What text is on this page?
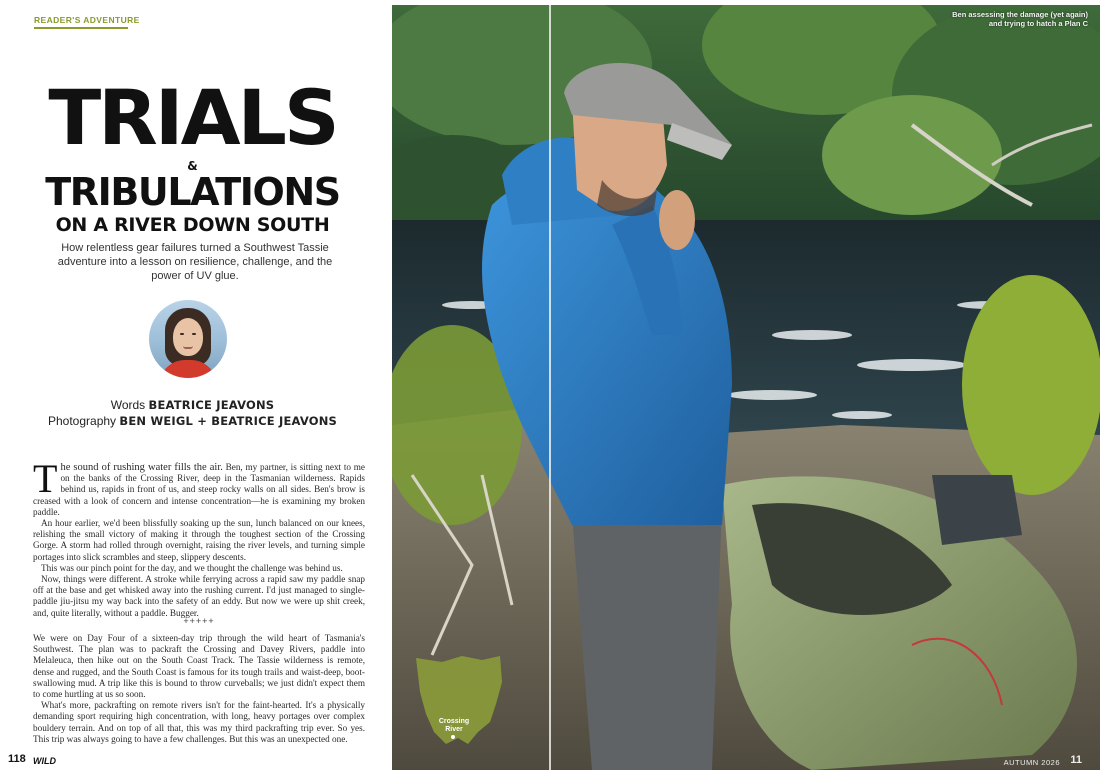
READER'S ADVENTURE
TRIALS
&
TRIBULATIONS
ON A RIVER DOWN SOUTH
How relentless gear failures turned a Southwest Tassie adventure into a lesson on resilience, challenge, and the power of UV glue.
Words BEATRICE JEAVONS
Photography BEN WEIGL + BEATRICE JEAVONS

The sound of rushing water fills the air. Ben, my partner, is sitting next to me on the banks of the Crossing River, deep in the Tasmanian wilderness. Rapids behind us, rapids in front of us, and steep rocky walls on all sides. Ben's brow is creased with a look of concern and intense concentration—he is examining my broken paddle.

An hour earlier, we'd been blissfully soaking up the sun, lunch balanced on our knees, relishing the small victory of making it through the toughest section of the Crossing Gorge. A storm had rolled through overnight, raising the river levels, and turning simple portages into slick scrambles and steep, slippery descents.

This was our pinch point for the day, and we thought the challenge was behind us.

Now, things were different. A stroke while ferrying across a rapid saw my paddle snap off at the base and get whisked away into the rushing current. I'd just managed to single-paddle jiu-jitsu my way back into the safety of an eddy. But now we were up shit creek, and, quite literally, without a paddle. Bugger.

+++++

We were on Day Four of a sixteen-day trip through the wild heart of Tasmania's Southwest. The plan was to packraft the Crossing and Davey Rivers, paddle into Melaleuca, then hike out on the South Coast Track. The Tassie wilderness is remote, dense and rugged, and the South Coast is famous for its tough trails and waist-deep, boot-swallowing mud. A trip like this is bound to throw curveballs; we just didn't expect them to come hurtling at us so soon.

What's more, packrafting on remote rivers isn't for the faint-hearted. It's a physically demanding sport requiring high concentration, with long, heavy portages over complex bouldery terrain. And on top of all that, this was my third packrafting trip ever. So yes. This trip was always going to have a few challenges. But this was an unexpected one.

118 WILD
Ben assessing the damage (yet again)
and trying to hatch a Plan C
Crossing
River
AUTUMN 2026 11
